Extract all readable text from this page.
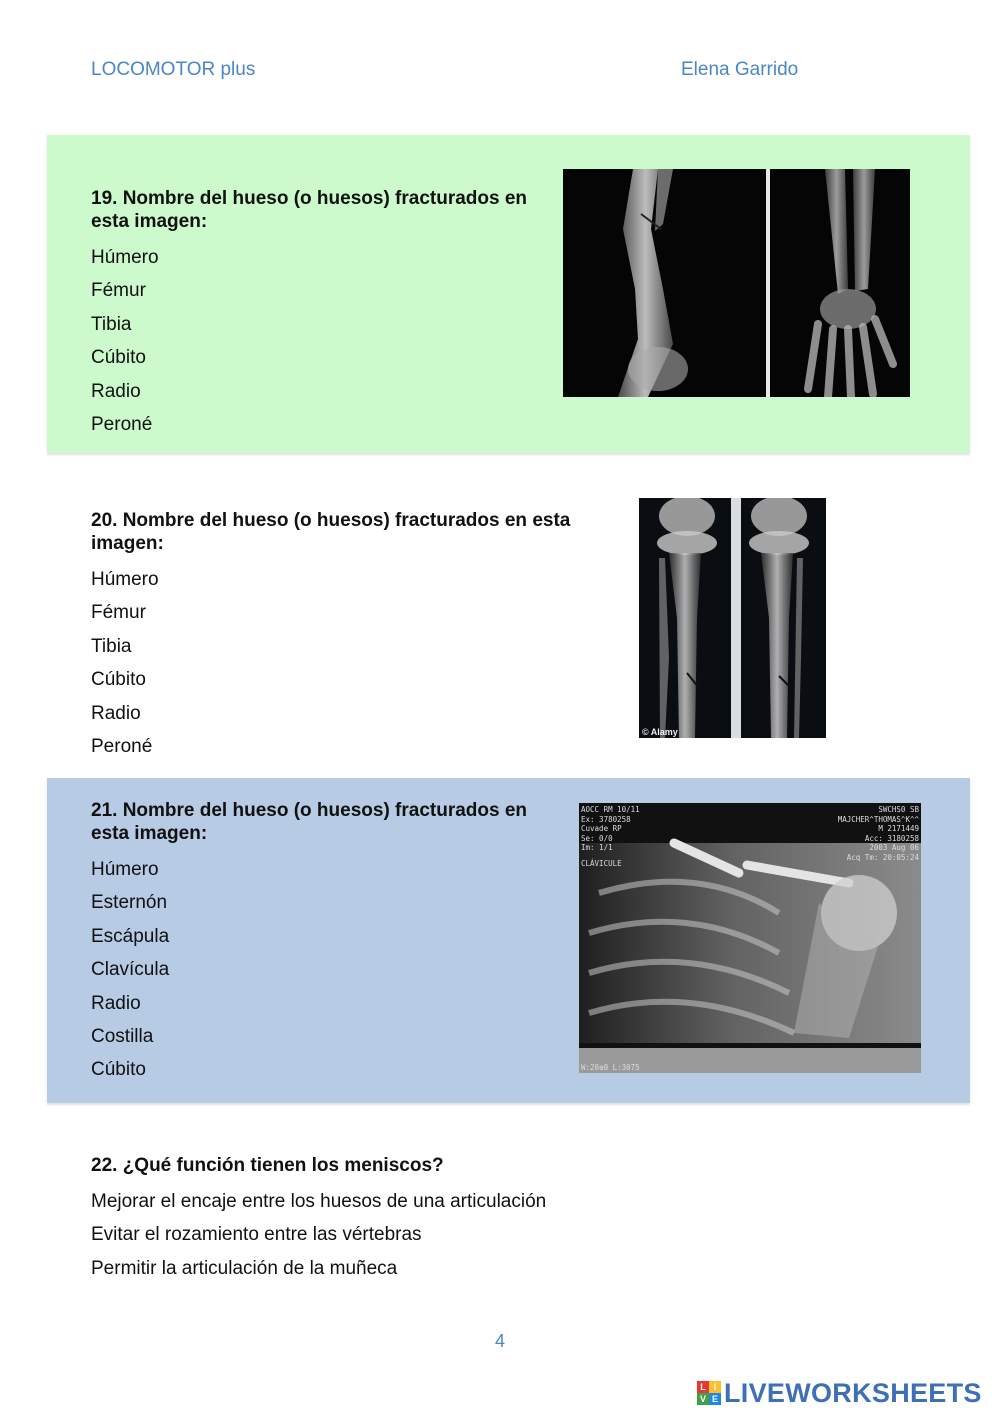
LOCOMOTOR plus	Elena Garrido
19. Nombre del hueso (o huesos) fracturados en esta imagen:
Húmero
Fémur
Tibia
Cúbito
Radio
Peroné
20. Nombre del hueso (o huesos) fracturados en esta imagen:
Húmero
Fémur
Tibia
Cúbito
Radio
Peroné
© Alamy
21. Nombre del hueso (o huesos) fracturados en esta imagen:
Húmero
Esternón
Escápula
Clavícula
Radio
Costilla
Cúbito
AOCC RM 10/11
Ex: 3780258
Cuvade RP
Se: 0/0
Im: 1/1
CLÁVICULE
SWCHS0 SB
MAJCHER^THOMAS^K^^
M 2171449
Acc: 3180258
2003 Aug 06
Acq Tm: 20:05:24
W:20a0 L:3075
22. ¿Qué función tienen los meniscos?
Mejorar el encaje entre los huesos de una articulación
Evitar el rozamiento entre las vértebras
Permitir la articulación de la muñeca
4
L I
V E LIVEWORKSHEETS
